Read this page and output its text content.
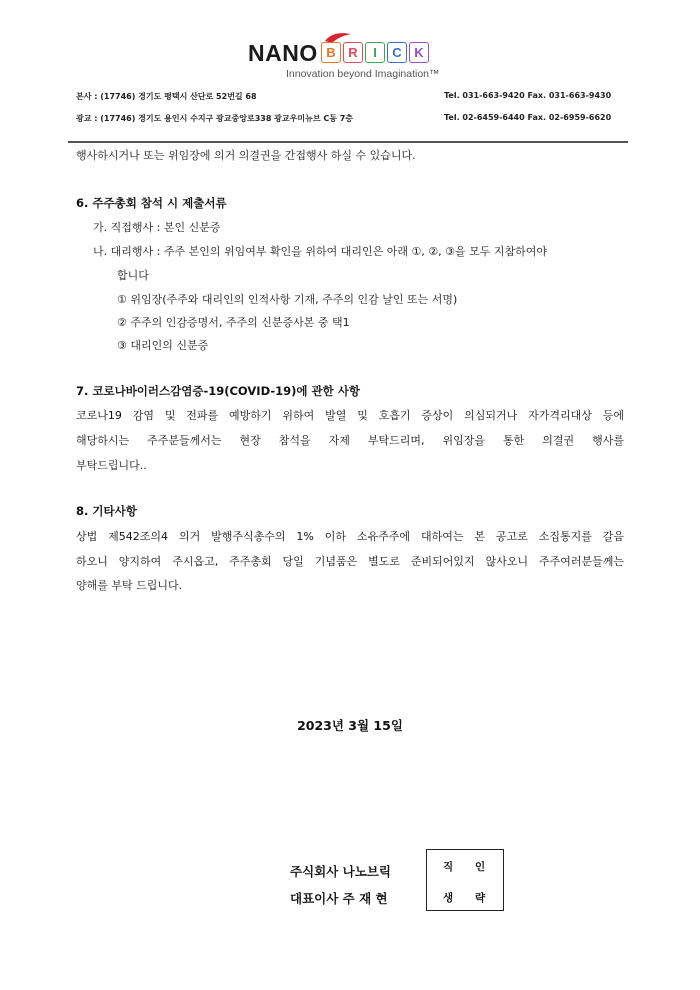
NANO B R	I	C K
Innovation beyond Imagination™
본사 : (17746) 경기도 평택시 산단로 52번길 68	Tel. 031-663-9420 Fax. 031-663-9430
광교 : (17746) 경기도 용인시 수지구 광교중앙로338 광교우미뉴브 C동 7층	Tel. 02-6459-6440 Fax. 02-6959-6620
행사하시거나 또는 위임장에 의거 의결권을 간접행사 하실 수 있습니다.
6. 주주총회 참석 시 제출서류
가. 직접행사 : 본인 신분증
나. 대리행사 : 주주 본인의 위임여부 확인을 위하여 대리인은 아래 ①, ②, ③을 모두 지참하여야
합니다
① 위임장(주주와 대리인의 인적사항 기재, 주주의 인감 날인 또는 서명)
② 주주의 인감증명서, 주주의 신분증사본 중 택1
③ 대리인의 신분증
7. 코로나바이러스감염증-19(COVID-19)에 관한 사항
코로나19 감염 및 전파를 예방하기 위하여 발열 및 호흡기 증상이 의심되거나 자가격리대상 등에
해당하시는 주주분들께서는 현장 참석을 자제 부탁드리며, 위임장을 통한 의결권 행사를
부탁드립니다..
8. 기타사항
상법 제542조의4 의거 발행주식총수의 1% 이하 소유주주에 대하여는 본 공고로 소집통지를 갈음
하오니 양지하여 주시옵고, 주주총회 당일 기념품은 별도로 준비되어있지 않사오니 주주여러분들께는
양해를 부탁 드립니다.
2023년 3월 15일
주식회사 나노브릭
대표이사 주 재 현
직 인
생 략
